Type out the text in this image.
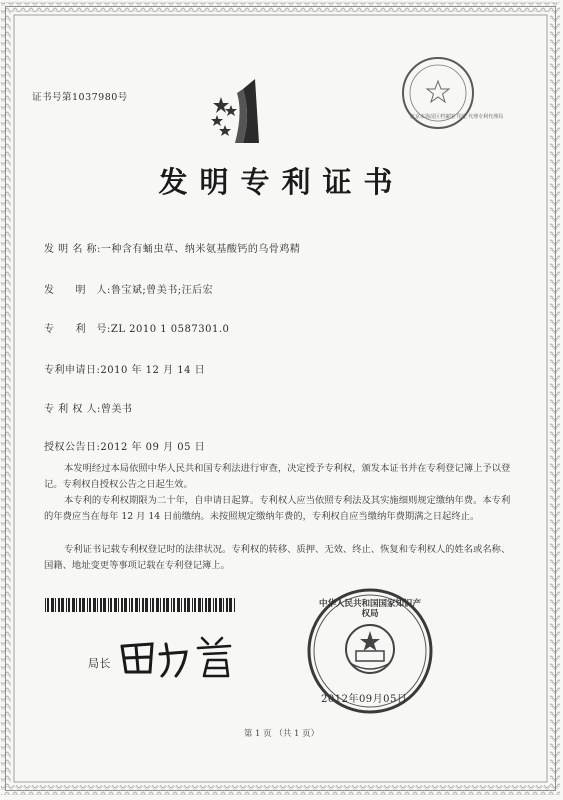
证书号第1037980号
北京市海淀区档案馆 印处 代理专利代理局
发明专利证书
发 明 名 称:一种含有蛹虫草、纳米氨基酸钙的乌骨鸡精
发　　明　人:鲁宝斌;曾美书;汪后宏
专　　利　号:ZL 2010 1 0587301.0
专利申请日:2010 年 12 月 14 日
专 利 权 人:曾美书
授权公告日:2012 年 09 月 05 日
本发明经过本局依照中华人民共和国专利法进行审查，决定授予专利权，颁发本证书并在专利登记簿上予以登记。专利权自授权公告之日起生效。
本专利的专利权期限为二十年，自申请日起算。专利权人应当依照专利法及其实施细则规定缴纳年费。本专利的年费应当在每年 12 月 14 日前缴纳。未按照规定缴纳年费的，专利权自应当缴纳年费期满之日起终止。
专利证书记载专利权登记时的法律状况。专利权的转移、质押、无效、终止、恢复和专利权人的姓名或名称、国籍、地址变更等事项记载在专利登记簿上。
局长
中华人民共和国国家知识产权局
2012年09月05日
第 1 页 （共 1 页）
